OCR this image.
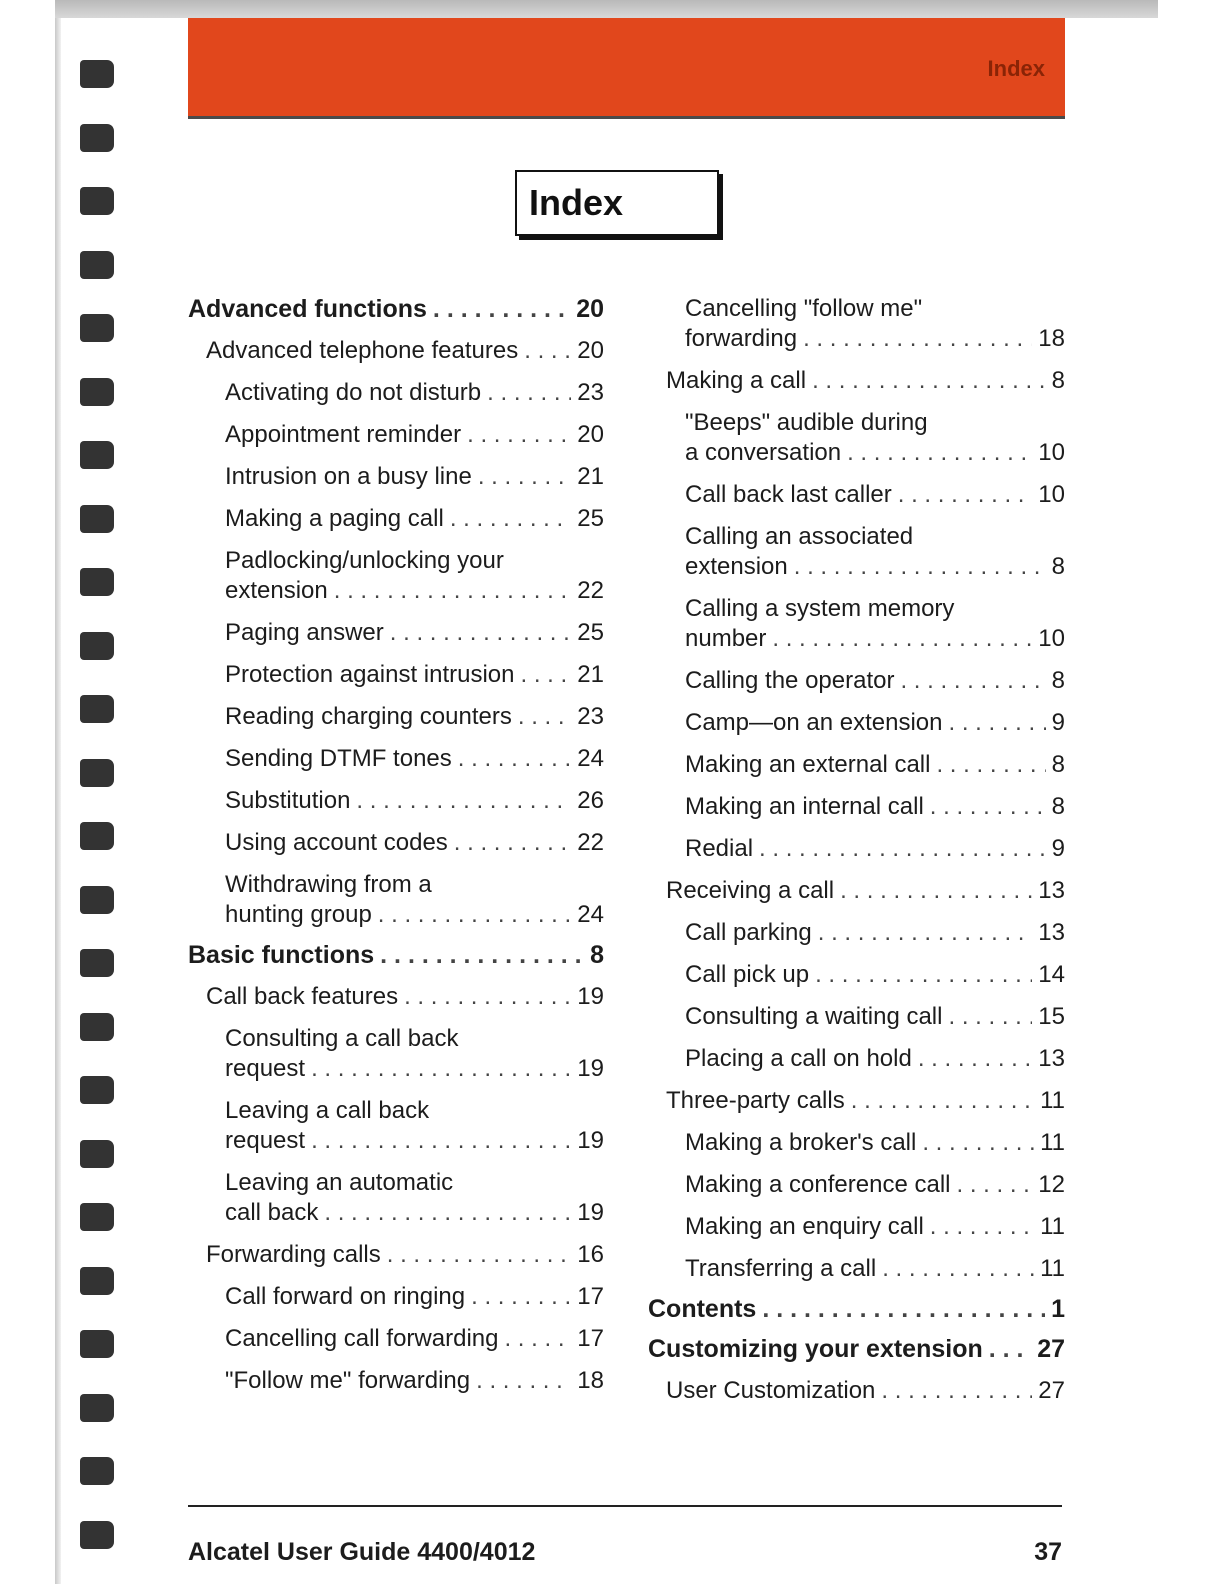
Index
Index
Advanced functions . . .	20
Advanced telephone features . . . 20
Activating do not disturb . . .	23
Appointment reminder . . .	20
Intrusion on a busy line . . .	21
Making a paging call . . .	25
Padlocking/unlocking your
extension . . .	22
Paging answer . . .	25
Protection against intrusion . . .	21
Reading charging counters . . .	23
Sending DTMF tones . . .	24
Substitution . . .	26
Using account codes . . .	22
Withdrawing from a
hunting group . . .	24
Basic functions . . .	8
Call back features . . .	19
Consulting a call back
request . . .	19
Leaving a call back
request . . .	19
Leaving an automatic
call back . . .	19
Forwarding calls . . .	16
Call forward on ringing . . .	17
Cancelling call forwarding . . .	17
"Follow me" forwarding . . .	18
Cancelling "follow me"
forwarding . . .	18
Making a call . . .	8
"Beeps" audible during
a conversation . . .	10
Call back last caller . . .	10
Calling an associated
extension . . .	8
Calling a system memory
number . . .	10
Calling the operator . . .	8
Camp—on an extension . . .	9
Making an external call . . .	8
Making an internal call . . .	8
Redial . . .	9
Receiving a call . . .	13
Call parking . . .	13
Call pick up . . .	14
Consulting a waiting call . . .	15
Placing a call on hold . . .	13
Three-party calls . . .	11
Making a broker's call . . .	11
Making a conference call . . .	12
Making an enquiry call . . .	11
Transferring a call . . .	11
Contents . . .	1
Customizing your extension . . . 27
User Customization . . .	27
Alcatel User Guide 4400/4012	37
